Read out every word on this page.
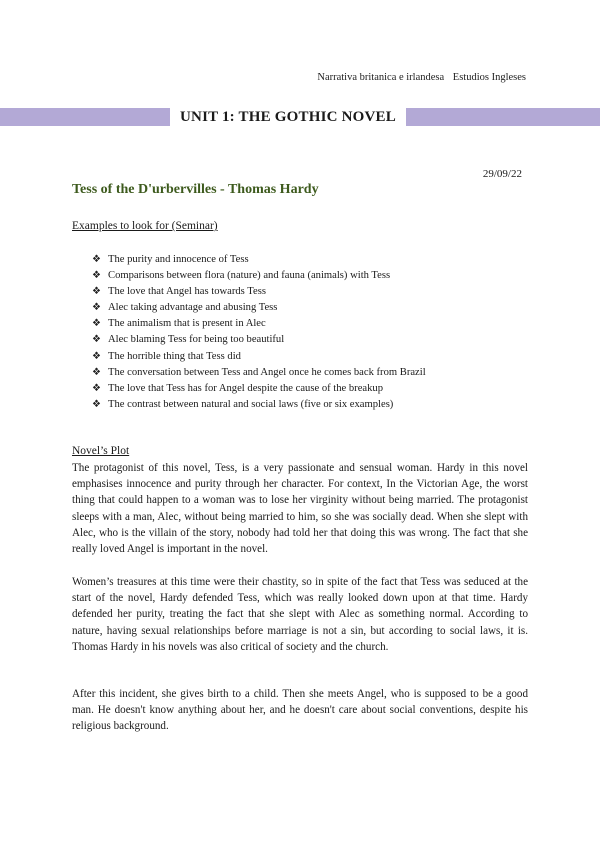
Narrativa britanica e irlandesa Estudios Ingleses
UNIT 1: THE GOTHIC NOVEL
29/09/22
Tess of the D'urbervilles - Thomas Hardy
Examples to look for (Seminar)
❖ The purity and innocence of Tess
❖ Comparisons between flora (nature) and fauna (animals) with Tess
❖ The love that Angel has towards Tess
❖ Alec taking advantage and abusing Tess
❖ The animalism that is present in Alec
❖ Alec blaming Tess for being too beautiful
❖ The horrible thing that Tess did
❖ The conversation between Tess and Angel once he comes back from Brazil
❖ The love that Tess has for Angel despite the cause of the breakup
❖ The contrast between natural and social laws (five or six examples)
Novel’s Plot

The protagonist of this novel, Tess, is a very passionate and sensual woman. Hardy in this novel emphasises innocence and purity through her character. For context, In the Victorian Age, the worst thing that could happen to a woman was to lose her virginity without being married. The protagonist sleeps with a man, Alec, without being married to him, so she was socially dead. When she slept with Alec, who is the villain of the story, nobody had told her that doing this was wrong. The fact that she really loved Angel is important in the novel.

Women’s treasures at this time were their chastity, so in spite of the fact that Tess was seduced at the start of the novel, Hardy defended Tess, which was really looked down upon at that time. Hardy defended her purity, treating the fact that she slept with Alec as something normal. According to nature, having sexual relationships before marriage is not a sin, but according to social laws, it is. Thomas Hardy in his novels was also critical of society and the church.

After this incident, she gives birth to a child. Then she meets Angel, who is supposed to be a good man. He doesn't know anything about her, and he doesn't care about social conventions, despite his religious background.
